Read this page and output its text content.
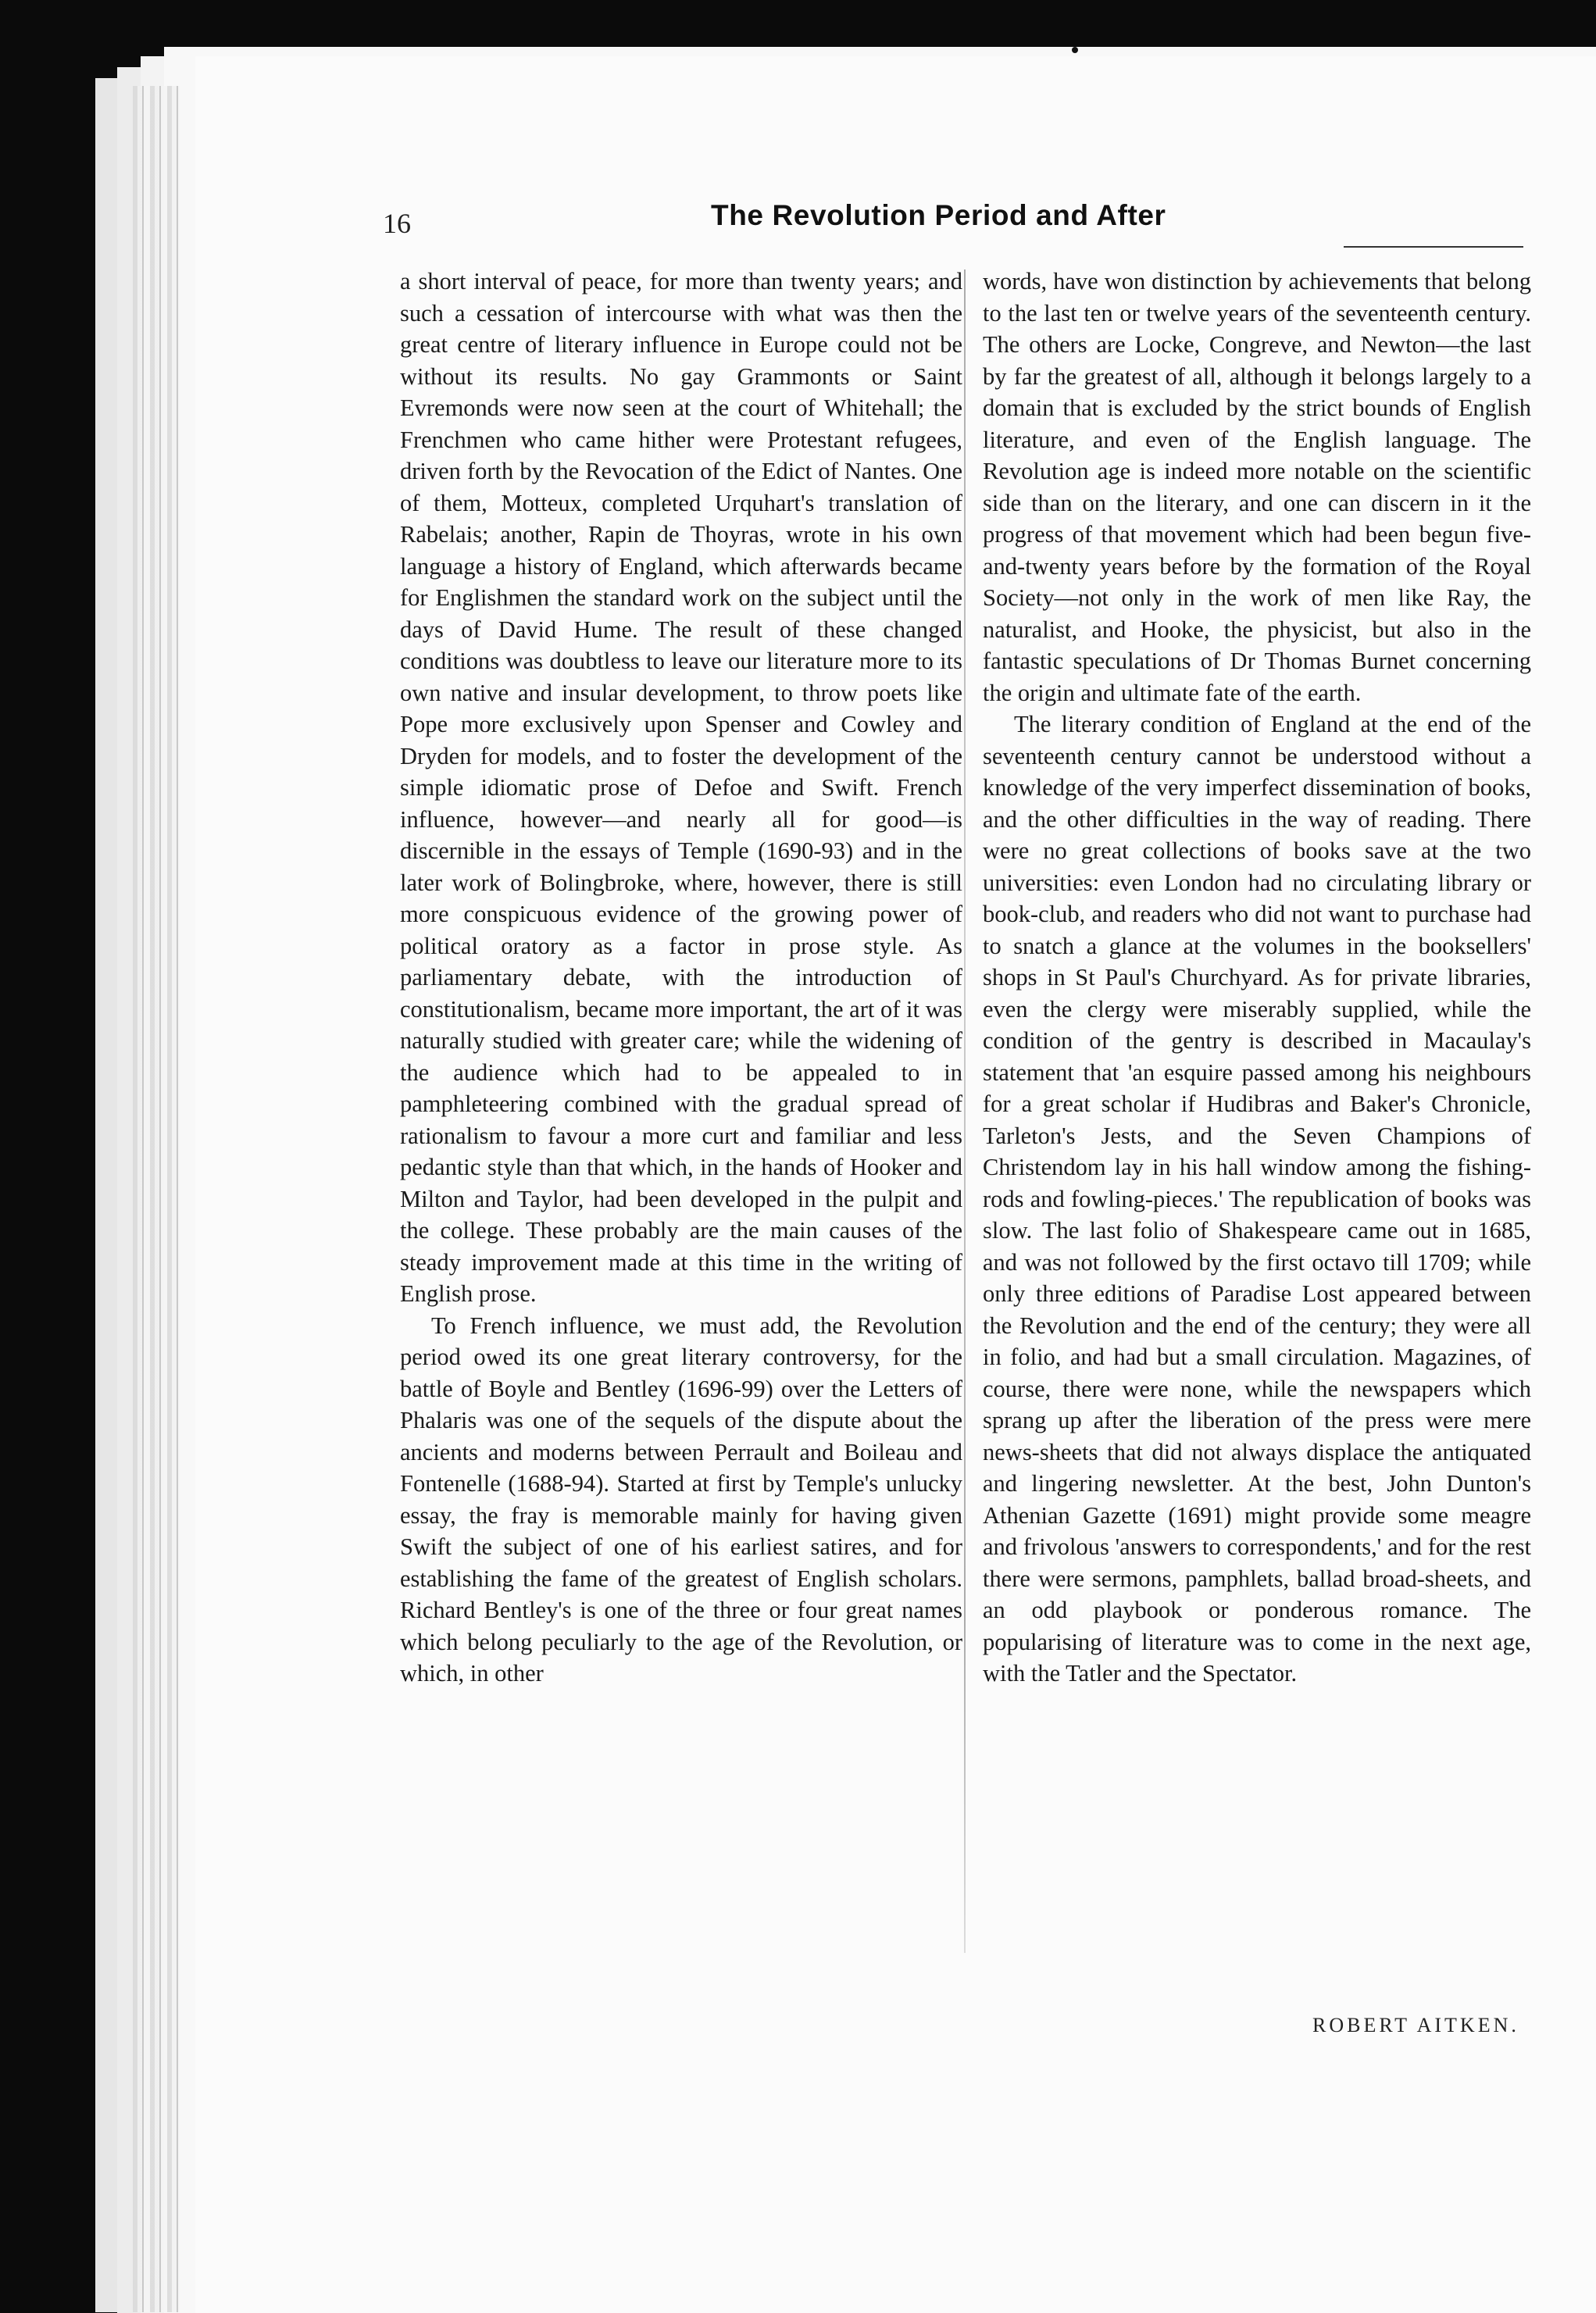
16	The Revolution Period and After

a short interval of peace, for more than twenty years; and such a cessation of intercourse with what was then the great centre of literary influence in Europe could not be without its results. No gay Grammonts or Saint Evremonds were now seen at the court of Whitehall; the Frenchmen who came hither were Protestant refugees, driven forth by the Revocation of the Edict of Nantes. One of them, Motteux, completed Urquhart's translation of Rabelais; another, Rapin de Thoyras, wrote in his own language a history of England, which afterwards became for Englishmen the standard work on the subject until the days of David Hume. The result of these changed conditions was doubtless to leave our literature more to its own native and insular development, to throw poets like Pope more exclusively upon Spenser and Cowley and Dryden for models, and to foster the development of the simple idiomatic prose of Defoe and Swift. French influence, however—and nearly all for good—is discernible in the essays of Temple (1690-93) and in the later work of Bolingbroke, where, however, there is still more conspicuous evidence of the growing power of political oratory as a factor in prose style. As parliamentary debate, with the introduction of constitutionalism, became more important, the art of it was naturally studied with greater care; while the widening of the audience which had to be appealed to in pamphleteering combined with the gradual spread of rationalism to favour a more curt and familiar and less pedantic style than that which, in the hands of Hooker and Milton and Taylor, had been developed in the pulpit and the college. These probably are the main causes of the steady improvement made at this time in the writing of English prose.

To French influence, we must add, the Revolution period owed its one great literary controversy, for the battle of Boyle and Bentley (1696-99) over the Letters of Phalaris was one of the sequels of the dispute about the ancients and moderns between Perrault and Boileau and Fontenelle (1688-94). Started at first by Temple's unlucky essay, the fray is memorable mainly for having given Swift the subject of one of his earliest satires, and for establishing the fame of the greatest of English scholars. Richard Bentley's is one of the three or four great names which belong peculiarly to the age of the Revolution, or which, in other

words, have won distinction by achievements that belong to the last ten or twelve years of the seventeenth century. The others are Locke, Congreve, and Newton—the last by far the greatest of all, although it belongs largely to a domain that is excluded by the strict bounds of English literature, and even of the English language. The Revolution age is indeed more notable on the scientific side than on the literary, and one can discern in it the progress of that movement which had been begun five-and-twenty years before by the formation of the Royal Society—not only in the work of men like Ray, the naturalist, and Hooke, the physicist, but also in the fantastic speculations of Dr Thomas Burnet concerning the origin and ultimate fate of the earth.

The literary condition of England at the end of the seventeenth century cannot be understood without a knowledge of the very imperfect dissemination of books, and the other difficulties in the way of reading. There were no great collections of books save at the two universities: even London had no circulating library or book-club, and readers who did not want to purchase had to snatch a glance at the volumes in the booksellers' shops in St Paul's Churchyard. As for private libraries, even the clergy were miserably supplied, while the condition of the gentry is described in Macaulay's statement that 'an esquire passed among his neighbours for a great scholar if Hudibras and Baker's Chronicle, Tarleton's Jests, and the Seven Champions of Christendom lay in his hall window among the fishing-rods and fowling-pieces.' The republication of books was slow. The last folio of Shakespeare came out in 1685, and was not followed by the first octavo till 1709; while only three editions of Paradise Lost appeared between the Revolution and the end of the century; they were all in folio, and had but a small circulation. Magazines, of course, there were none, while the newspapers which sprang up after the liberation of the press were mere news-sheets that did not always displace the antiquated and lingering newsletter. At the best, John Dunton's Athenian Gazette (1691) might provide some meagre and frivolous 'answers to correspondents,' and for the rest there were sermons, pamphlets, ballad broad-sheets, and an odd playbook or ponderous romance. The popularising of literature was to come in the next age, with the Tatler and the Spectator.

ROBERT AITKEN.
